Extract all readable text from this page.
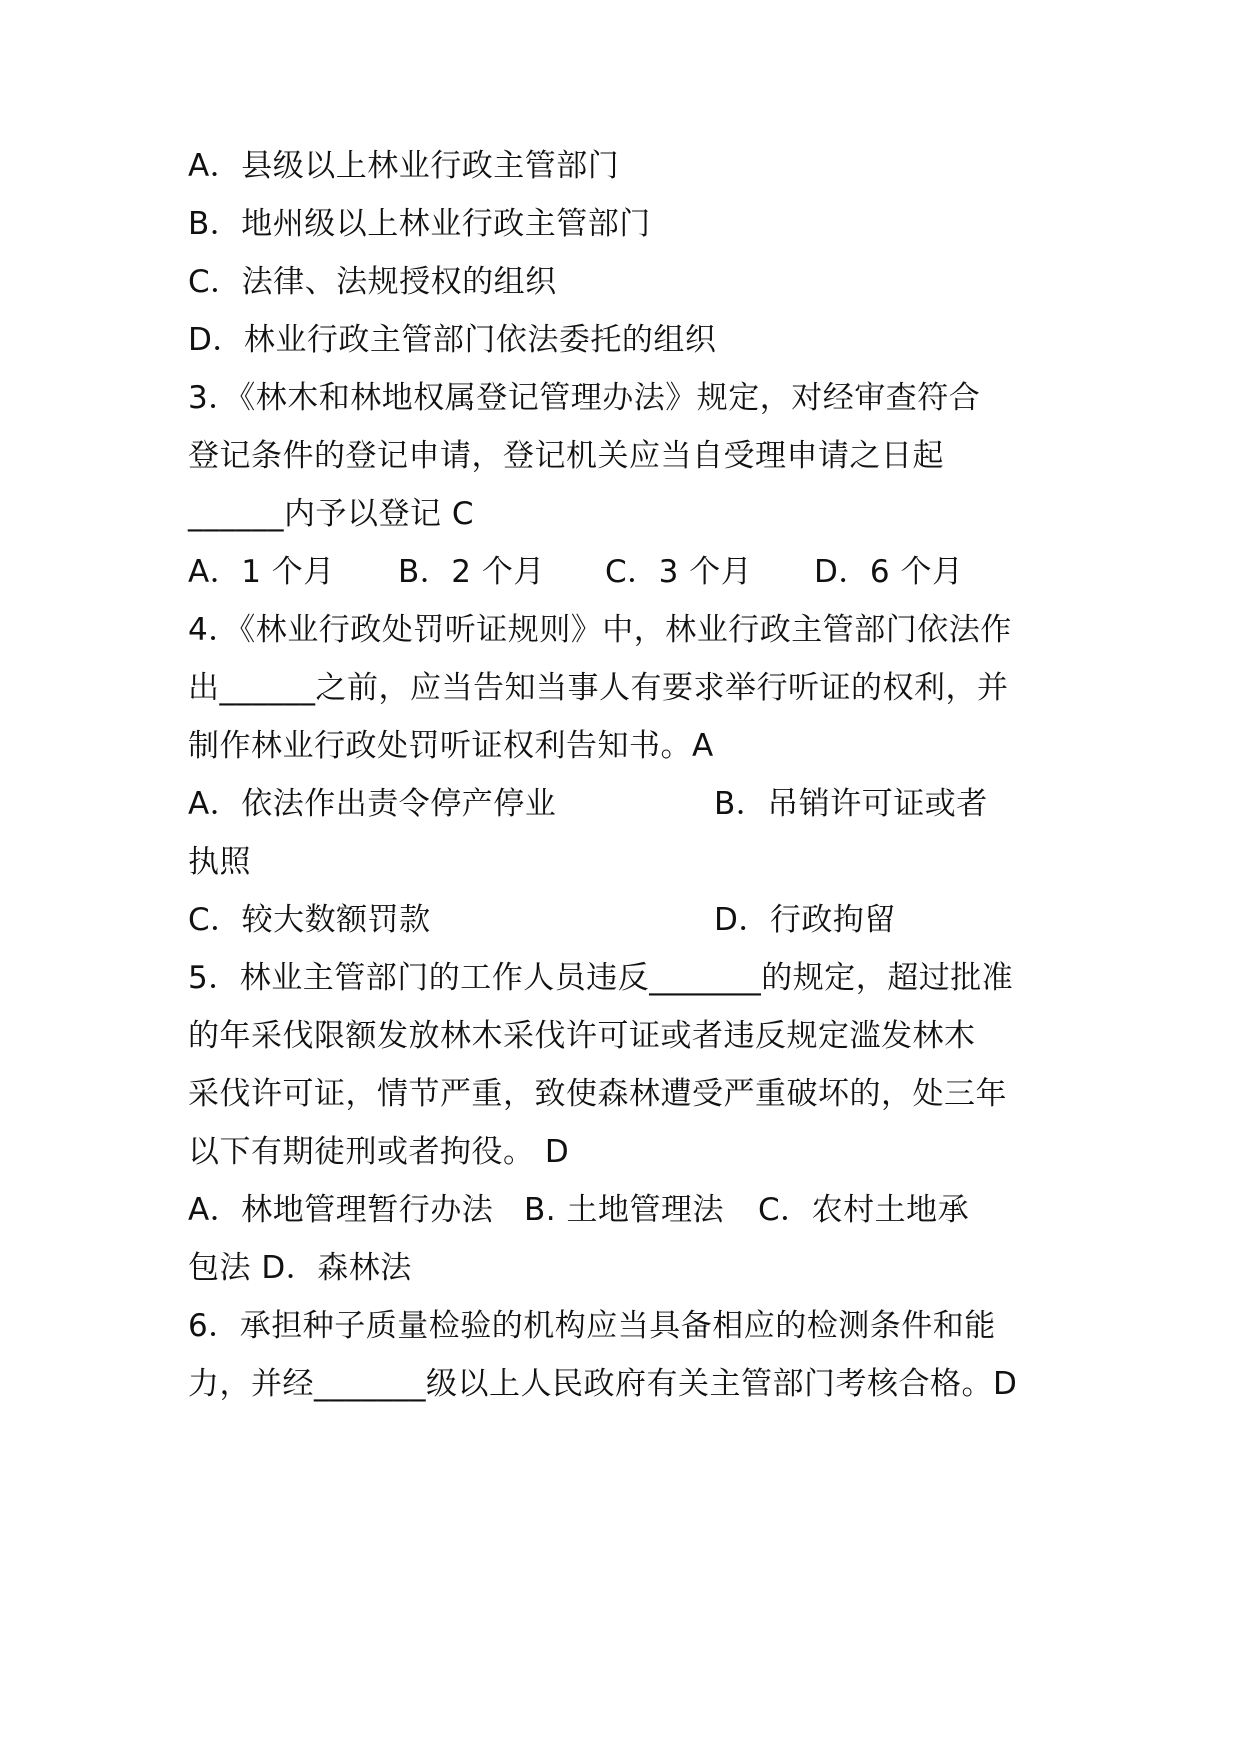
A．县级以上林业行政主管部门
B．地州级以上林业行政主管部门
C．法律、法规授权的组织
D．林业行政主管部门依法委托的组织
3．《林木和林地权属登记管理办法》规定，对经审查符合
登记条件的登记申请，登记机关应当自受理申请之日起
______内予以登记 C
A．1 个月 B．2 个月 C．3 个月 D．6 个月
4．《林业行政处罚听证规则》中，林业行政主管部门依法作
出______之前，应当告知当事人有要求举行听证的权利，并
制作林业行政处罚听证权利告知书。A
A．依法作出责令停产停业	B．吊销许可证或者
执照
C．较大数额罚款	D．行政拘留
5．林业主管部门的工作人员违反_______的规定，超过批准
的年采伐限额发放林木采伐许可证或者违反规定滥发林木
采伐许可证，情节严重，致使森林遭受严重破坏的，处三年
以下有期徒刑或者拘役。 D
A．林地管理暂行办法 B. 土地管理法 C．农村土地承
包法 D．森林法
6．承担种子质量检验的机构应当具备相应的检测条件和能
力，并经_______级以上人民政府有关主管部门考核合格。D
